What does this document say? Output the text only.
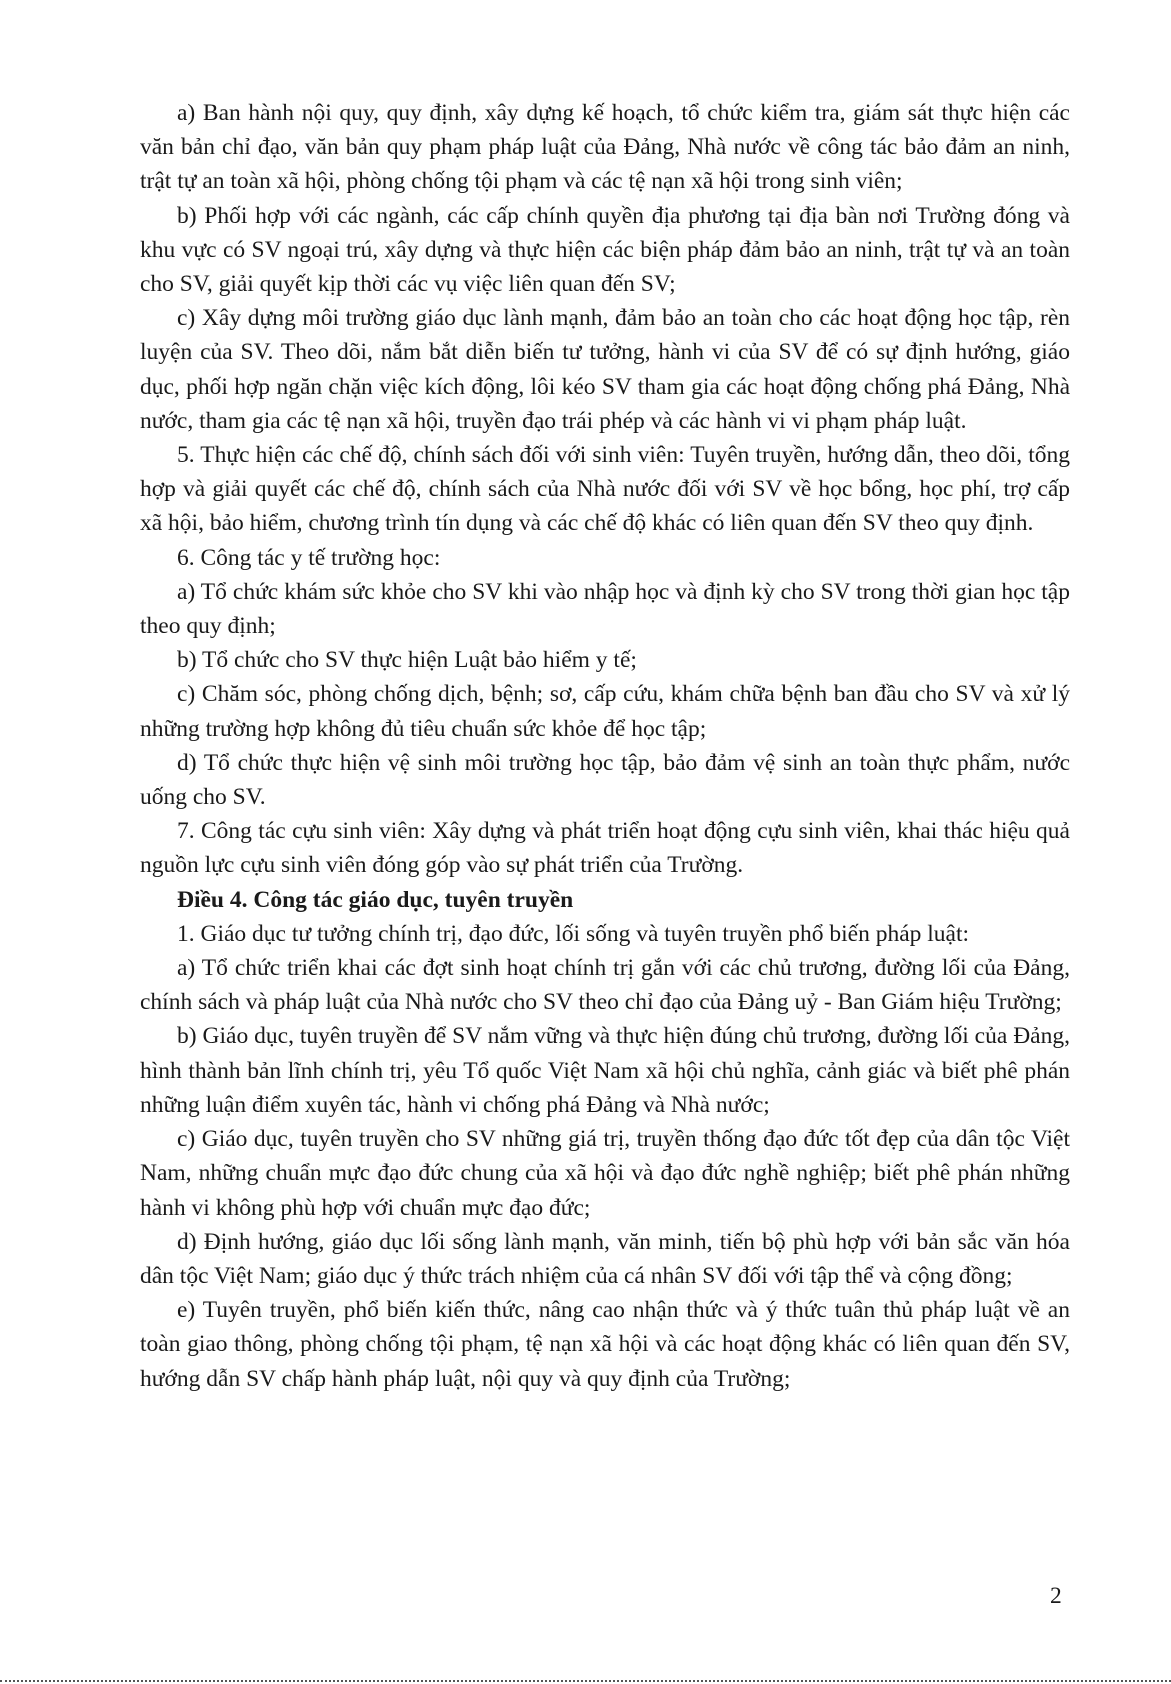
a) Ban hành nội quy, quy định, xây dựng kế hoạch, tổ chức kiểm tra, giám sát thực hiện các văn bản chỉ đạo, văn bản quy phạm pháp luật của Đảng, Nhà nước về công tác bảo đảm an ninh, trật tự an toàn xã hội, phòng chống tội phạm và các tệ nạn xã hội trong sinh viên;

b) Phối hợp với các ngành, các cấp chính quyền địa phương tại địa bàn nơi Trường đóng và khu vực có SV ngoại trú, xây dựng và thực hiện các biện pháp đảm bảo an ninh, trật tự và an toàn cho SV, giải quyết kịp thời các vụ việc liên quan đến SV;

c) Xây dựng môi trường giáo dục lành mạnh, đảm bảo an toàn cho các hoạt động học tập, rèn luyện của SV. Theo dõi, nắm bắt diễn biến tư tưởng, hành vi của SV để có sự định hướng, giáo dục, phối hợp ngăn chặn việc kích động, lôi kéo SV tham gia các hoạt động chống phá Đảng, Nhà nước, tham gia các tệ nạn xã hội, truyền đạo trái phép và các hành vi vi phạm pháp luật.

5. Thực hiện các chế độ, chính sách đối với sinh viên: Tuyên truyền, hướng dẫn, theo dõi, tổng hợp và giải quyết các chế độ, chính sách của Nhà nước đối với SV về học bổng, học phí, trợ cấp xã hội, bảo hiểm, chương trình tín dụng và các chế độ khác có liên quan đến SV theo quy định.

6. Công tác y tế trường học:

a) Tổ chức khám sức khỏe cho SV khi vào nhập học và định kỳ cho SV trong thời gian học tập theo quy định;

b) Tổ chức cho SV thực hiện Luật bảo hiểm y tế;

c) Chăm sóc, phòng chống dịch, bệnh; sơ, cấp cứu, khám chữa bệnh ban đầu cho SV và xử lý những trường hợp không đủ tiêu chuẩn sức khỏe để học tập;

d) Tổ chức thực hiện vệ sinh môi trường học tập, bảo đảm vệ sinh an toàn thực phẩm, nước uống cho SV.

7. Công tác cựu sinh viên: Xây dựng và phát triển hoạt động cựu sinh viên, khai thác hiệu quả nguồn lực cựu sinh viên đóng góp vào sự phát triển của Trường.

Điều 4. Công tác giáo dục, tuyên truyền

1. Giáo dục tư tưởng chính trị, đạo đức, lối sống và tuyên truyền phổ biến pháp luật:

a) Tổ chức triển khai các đợt sinh hoạt chính trị gắn với các chủ trương, đường lối của Đảng, chính sách và pháp luật của Nhà nước cho SV theo chỉ đạo của Đảng uỷ - Ban Giám hiệu Trường;

b) Giáo dục, tuyên truyền để SV nắm vững và thực hiện đúng chủ trương, đường lối của Đảng, hình thành bản lĩnh chính trị, yêu Tổ quốc Việt Nam xã hội chủ nghĩa, cảnh giác và biết phê phán những luận điểm xuyên tác, hành vi chống phá Đảng và Nhà nước;

c) Giáo dục, tuyên truyền cho SV những giá trị, truyền thống đạo đức tốt đẹp của dân tộc Việt Nam, những chuẩn mực đạo đức chung của xã hội và đạo đức nghề nghiệp; biết phê phán những hành vi không phù hợp với chuẩn mực đạo đức;

d) Định hướng, giáo dục lối sống lành mạnh, văn minh, tiến bộ phù hợp với bản sắc văn hóa dân tộc Việt Nam; giáo dục ý thức trách nhiệm của cá nhân SV đối với tập thể và cộng đồng;

e) Tuyên truyền, phổ biến kiến thức, nâng cao nhận thức và ý thức tuân thủ pháp luật về an toàn giao thông, phòng chống tội phạm, tệ nạn xã hội và các hoạt động khác có liên quan đến SV, hướng dẫn SV chấp hành pháp luật, nội quy và quy định của Trường;

2
